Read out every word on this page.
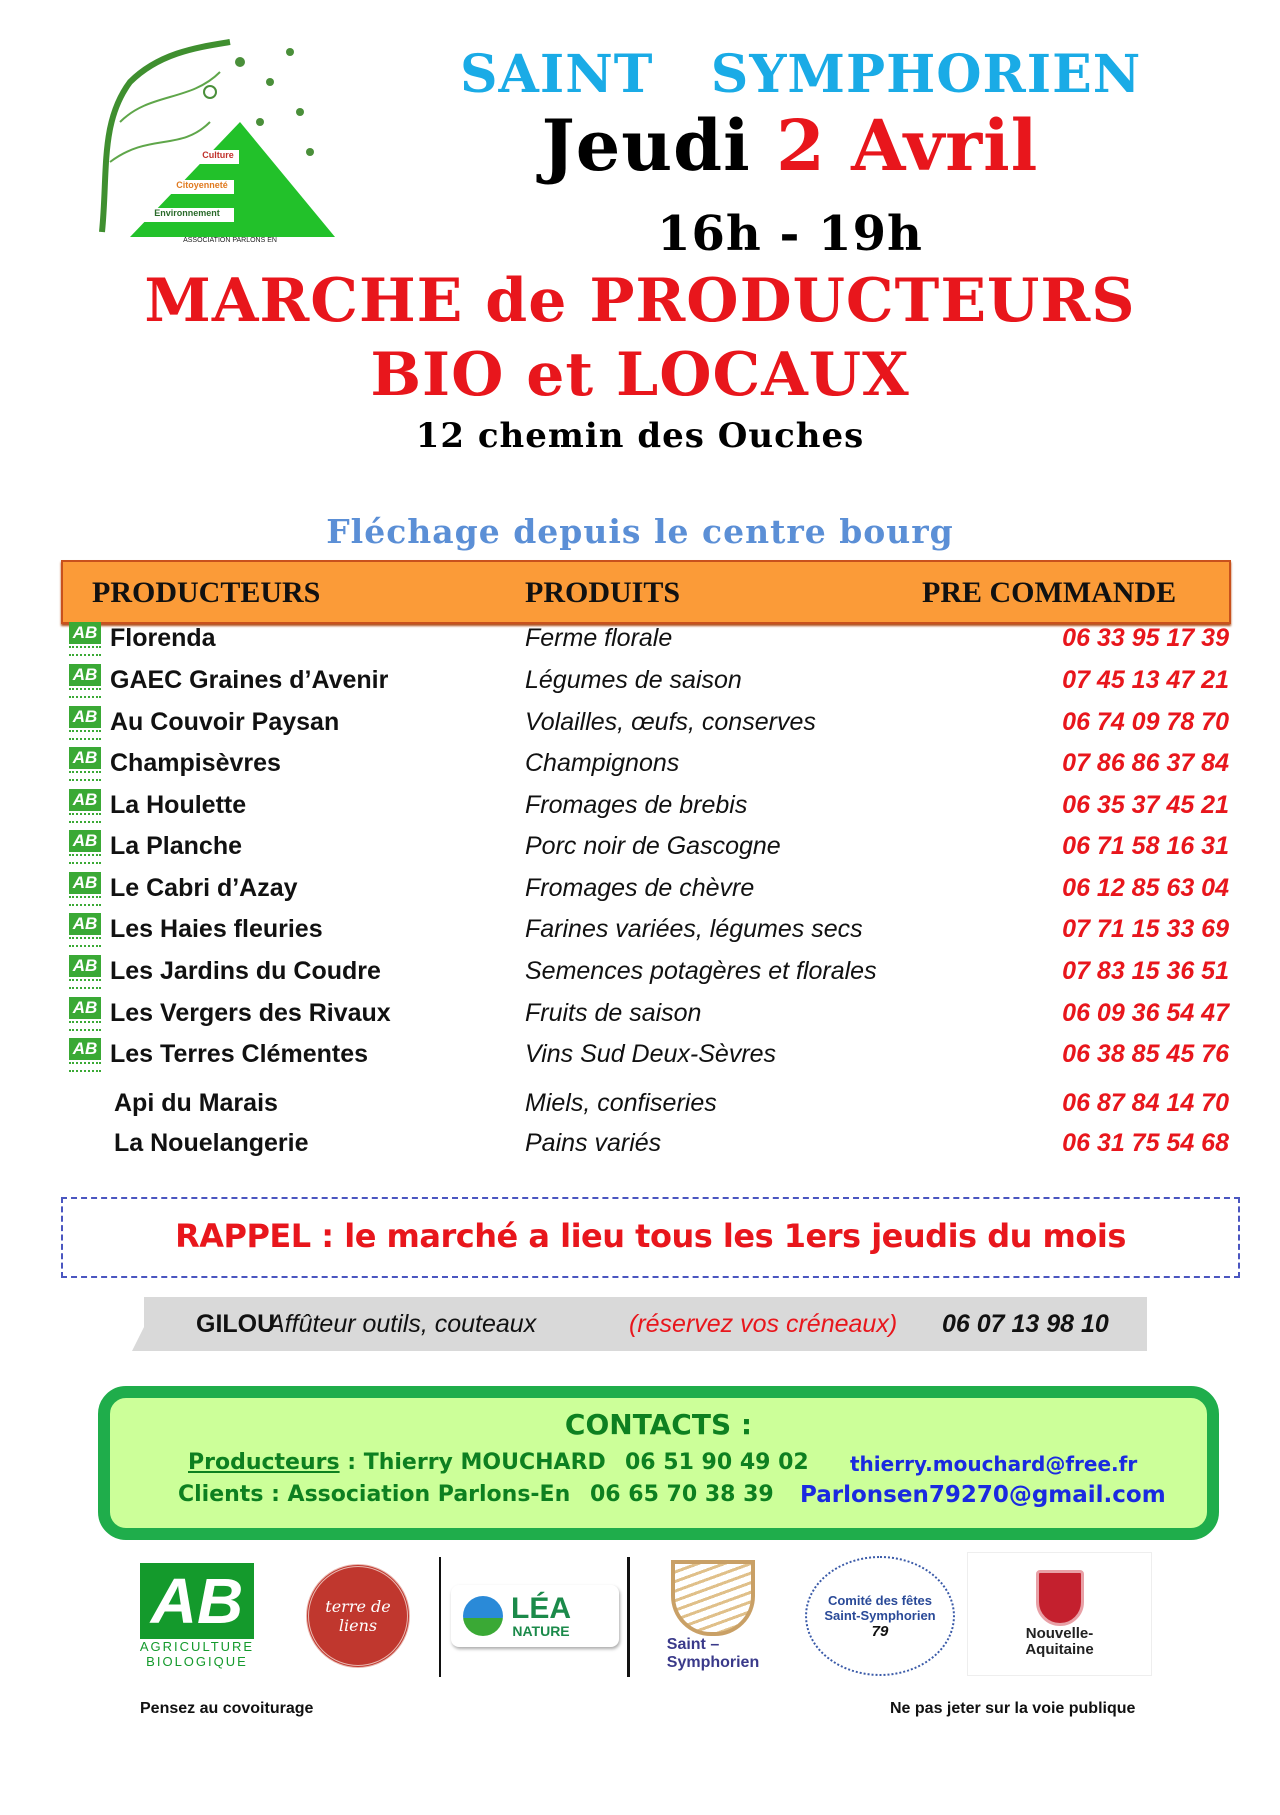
Culture
Citoyenneté
Environnement
ASSOCIATION PARLONS EN
SAINT   SYMPHORIEN
Jeudi 2 Avril
16h - 19h
MARCHE de PRODUCTEURS
BIO et LOCAUX
12 chemin des Ouches
Fléchage depuis le centre bourg
PRODUCTEURS	PRODUITS	PRE COMMANDE
AB Florenda	Ferme florale	06 33 95 17 39
AB GAEC Graines d’Avenir	Légumes de saison	07 45 13 47 21
AB Au Couvoir Paysan	Volailles, œufs, conserves	06 74 09 78 70
AB Champisèvres	Champignons	07 86 86 37 84
AB La Houlette	Fromages de brebis	06 35 37 45 21
AB La Planche	Porc noir de Gascogne	06 71 58 16 31
AB Le Cabri d’Azay	Fromages de chèvre	06 12 85 63 04
AB Les Haies fleuries	Farines variées, légumes secs	07 71 15 33 69
AB Les Jardins du Coudre	Semences potagères et florales	07 83 15 36 51
AB Les Vergers des Rivaux	Fruits de saison	06 09 36 54 47
AB Les Terres Clémentes	Vins Sud Deux-Sèvres	06 38 85 45 76
Api du Marais	Miels, confiseries	06 87 84 14 70
La Nouelangerie	Pains variés	06 31 75 54 68
RAPPEL : le marché a lieu tous les 1ers jeudis du mois
GILOU
Affûteur outils, couteaux	(réservez vos créneaux) 06 07 13 98 10
CONTACTS :
Producteurs : Thierry MOUCHARD 06 51 90 49 02 thierry.mouchard@free.fr
Clients : Association Parlons-En 06 65 70 38 39 Parlonsen79270@gmail.com
AB
AGRICULTURE
BIOLOGIQUE
terre de liens
LÉA
NATURE
Saint –
Symphorien
Comité des fêtes Saint-Symphorien
79	Nouvelle-
Aquitaine
Pensez au covoiturage	Ne pas jeter sur la voie publique
